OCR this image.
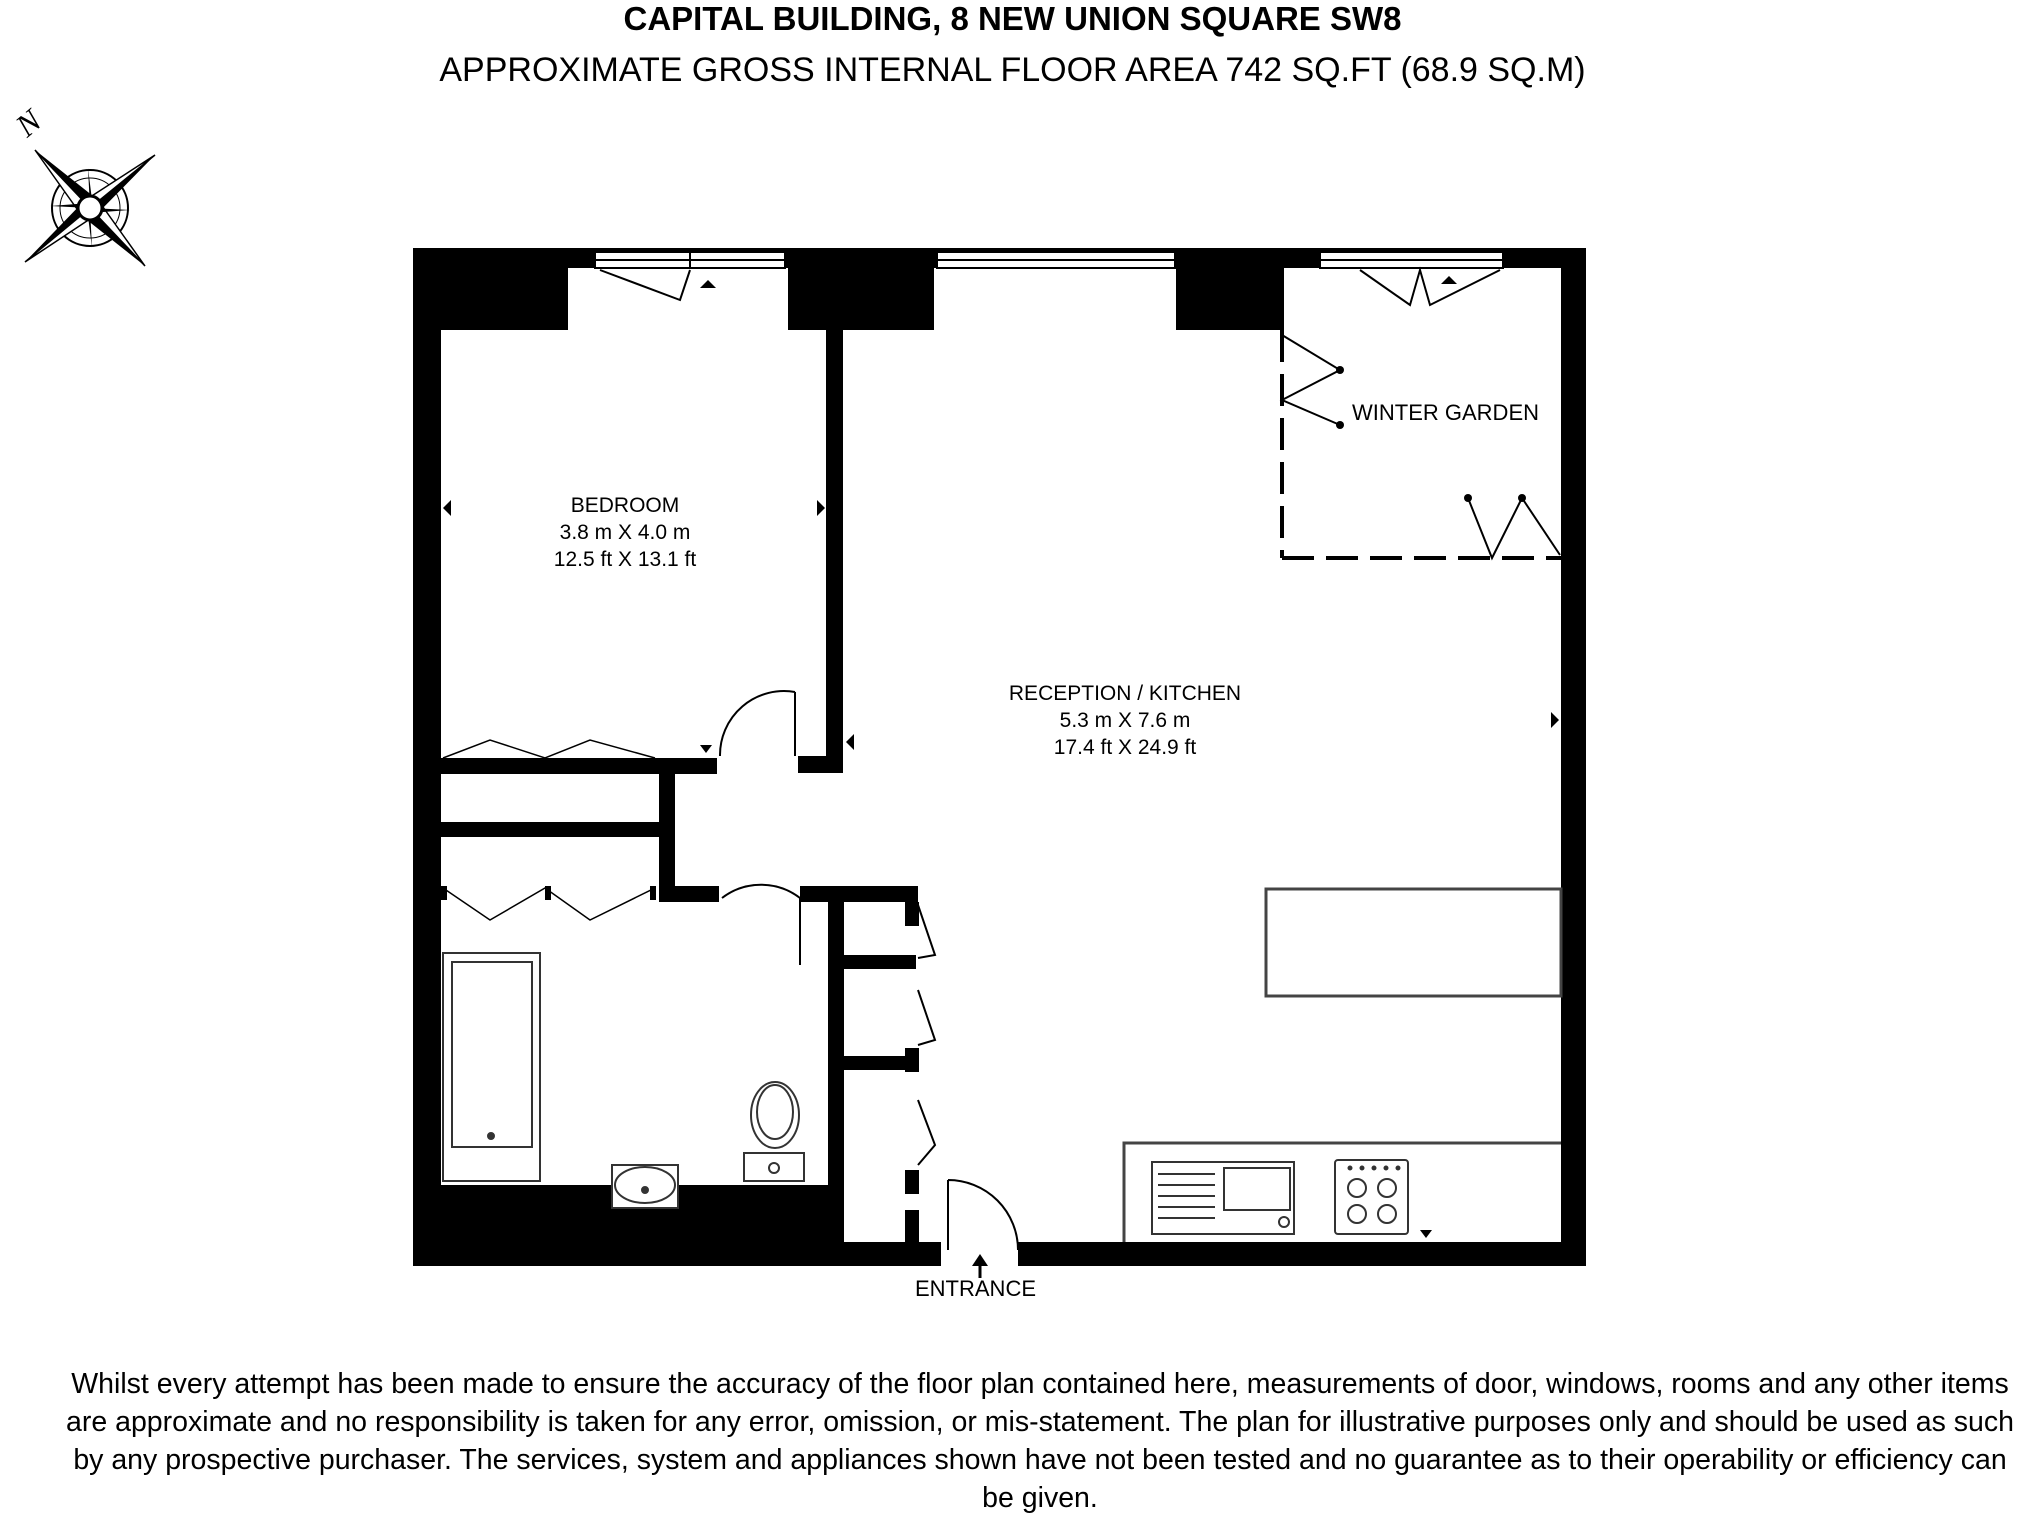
CAPITAL BUILDING, 8 NEW UNION SQUARE SW8
APPROXIMATE GROSS INTERNAL FLOOR AREA 742 SQ.FT (68.9 SQ.M)
N
BEDROOM
3.8 m X 4.0 m
12.5 ft X 13.1 ft
RECEPTION / KITCHEN
5.3 m X 7.6 m
17.4 ft X 24.9 ft
WINTER GARDEN
ENTRANCE
Whilst every attempt has been made to ensure the accuracy of the floor plan contained here, measurements of door, windows, rooms and any other items are approximate and no responsibility is taken for any error, omission, or mis-statement. The plan for illustrative purposes only and should be used as such by any prospective purchaser. The services, system and appliances shown have not been tested and no guarantee as to their operability or efficiency can be given.
